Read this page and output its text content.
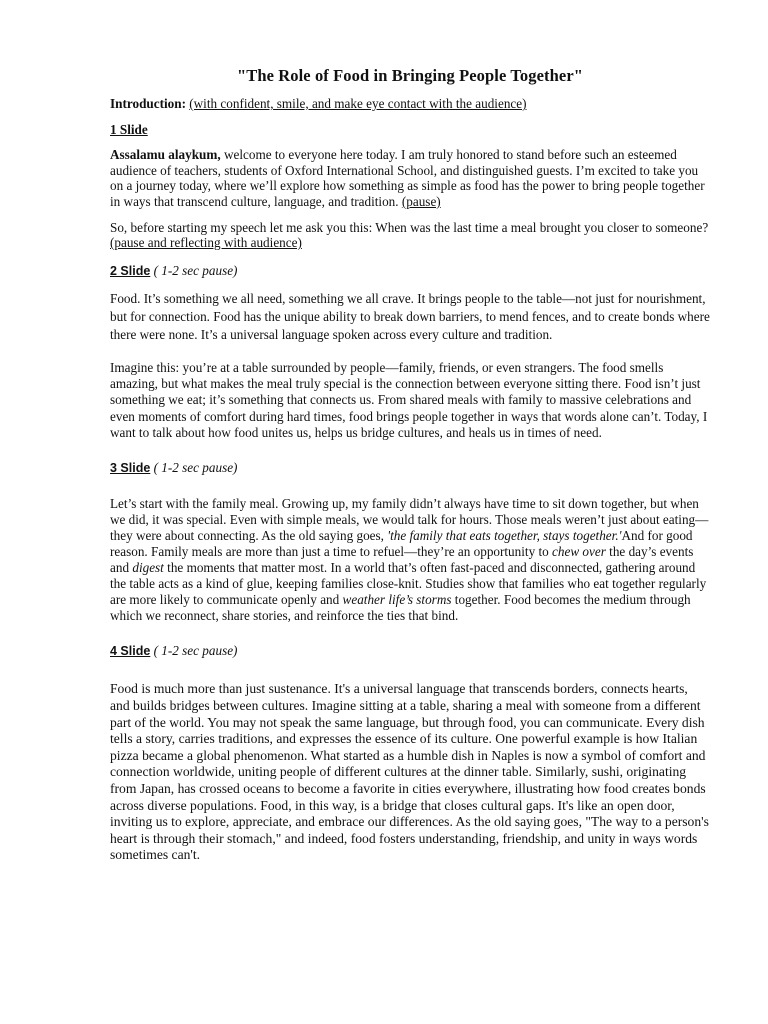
"The Role of Food in Bringing People Together"

Introduction: (with confident, smile, and make eye contact with the audience)

1 Slide

Assalamu alaykum, welcome to everyone here today. I am truly honored to stand before such an esteemed audience of teachers, students of Oxford International School, and distinguished guests. I’m excited to take you on a journey today, where we’ll explore how something as simple as food has the power to bring people together in ways that transcend culture, language, and tradition. (pause)

So, before starting my speech let me ask you this: When was the last time a meal brought you closer to someone? (pause and reflecting with audience)

2 Slide ( 1-2 sec pause)

Food. It’s something we all need, something we all crave. It brings people to the table—not just for nourishment, but for connection. Food has the unique ability to break down barriers, to mend fences, and to create bonds where there were none. It’s a universal language spoken across every culture and tradition.

Imagine this: you’re at a table surrounded by people—family, friends, or even strangers. The food smells amazing, but what makes the meal truly special is the connection between everyone sitting there. Food isn’t just something we eat; it’s something that connects us. From shared meals with family to massive celebrations and even moments of comfort during hard times, food brings people together in ways that words alone can’t. Today, I want to talk about how food unites us, helps us bridge cultures, and heals us in times of need.

3 Slide ( 1-2 sec pause)

Let’s start with the family meal. Growing up, my family didn’t always have time to sit down together, but when we did, it was special. Even with simple meals, we would talk for hours. Those meals weren’t just about eating—they were about connecting. As the old saying goes, 'the family that eats together, stays together.'And for good reason. Family meals are more than just a time to refuel—they’re an opportunity to chew over the day’s events and digest the moments that matter most. In a world that’s often fast-paced and disconnected, gathering around the table acts as a kind of glue, keeping families close-knit. Studies show that families who eat together regularly are more likely to communicate openly and weather life’s storms together. Food becomes the medium through which we reconnect, share stories, and reinforce the ties that bind.

4 Slide ( 1-2 sec pause)

Food is much more than just sustenance. It's a universal language that transcends borders, connects hearts, and builds bridges between cultures. Imagine sitting at a table, sharing a meal with someone from a different part of the world. You may not speak the same language, but through food, you can communicate. Every dish tells a story, carries traditions, and expresses the essence of its culture. One powerful example is how Italian pizza became a global phenomenon. What started as a humble dish in Naples is now a symbol of comfort and connection worldwide, uniting people of different cultures at the dinner table. Similarly, sushi, originating from Japan, has crossed oceans to become a favorite in cities everywhere, illustrating how food creates bonds across diverse populations. Food, in this way, is a bridge that closes cultural gaps. It's like an open door, inviting us to explore, appreciate, and embrace our differences. As the old saying goes, "The way to a person's heart is through their stomach," and indeed, food fosters understanding, friendship, and unity in ways words sometimes can't.
